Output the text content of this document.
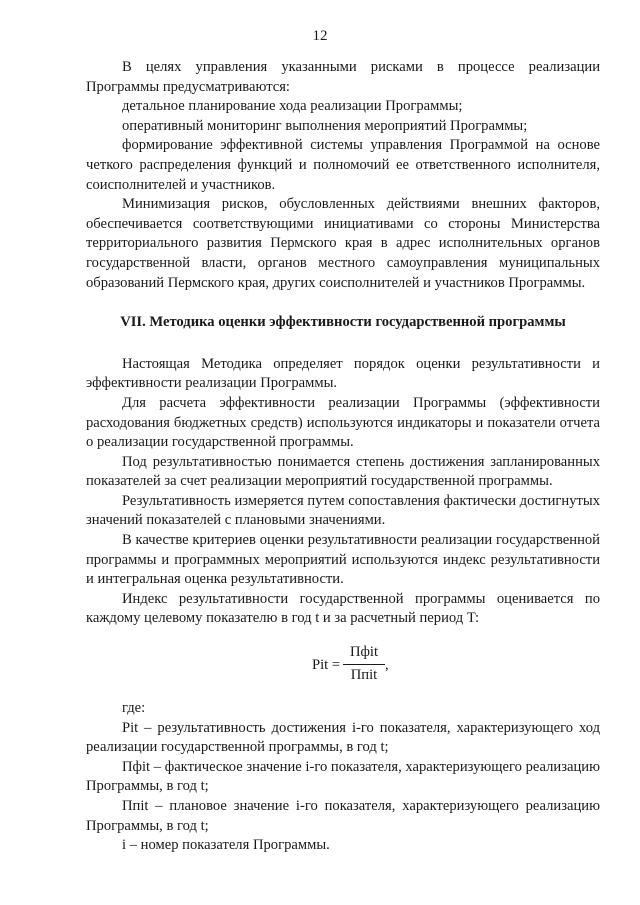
12

В целях управления указанными рисками в процессе реализации Программы предусматриваются:

детальное планирование хода реализации Программы;

оперативный мониторинг выполнения мероприятий Программы;

формирование эффективной системы управления Программой на основе четкого распределения функций и полномочий ее ответственного исполнителя, соисполнителей и участников.

Минимизация рисков, обусловленных действиями внешних факторов, обеспечивается соответствующими инициативами со стороны Министерства территориального развития Пермского края в адрес исполнительных органов государственной власти, органов местного самоуправления муниципальных образований Пермского края, других соисполнителей и участников Программы.

VII. Методика оценки эффективности государственной программы

Настоящая Методика определяет порядок оценки результативности и эффективности реализации Программы.

Для расчета эффективности реализации Программы (эффективности расходования бюджетных средств) используются индикаторы и показатели отчета о реализации государственной программы.

Под результативностью понимается степень достижения запланированных показателей за счет реализации мероприятий государственной программы.

Результативность измеряется путем сопоставления фактически достигнутых значений показателей с плановыми значениями.

В качестве критериев оценки результативности реализации государственной программы и программных мероприятий используются индекс результативности и интегральная оценка результативности.

Индекс результативности государственной программы оценивается по каждому целевому показателю в год t и за расчетный период T:

Pit =
Пфit
Ппit
,

где:

Pit – результативность достижения i-го показателя, характеризующего ход реализации государственной программы, в год t;

Пфit – фактическое значение i-го показателя, характеризующего реализацию Программы, в год t;

Ппit – плановое значение i-го показателя, характеризующего реализацию Программы, в год t;

i – номер показателя Программы.
